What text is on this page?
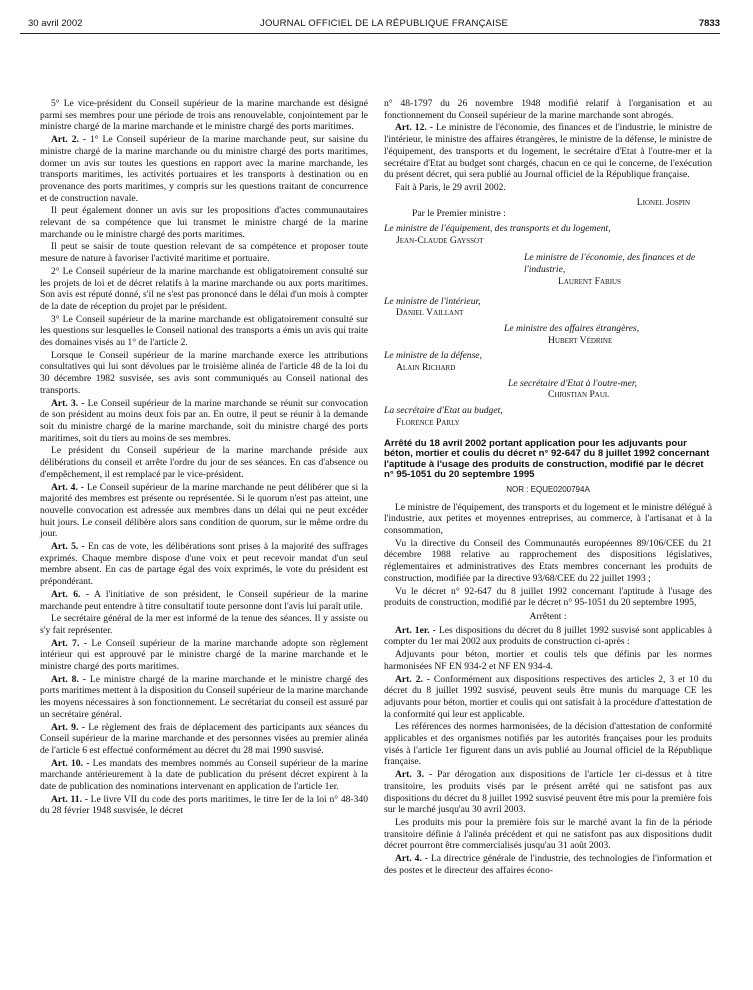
30 avril 2002	JOURNAL OFFICIEL DE LA RÉPUBLIQUE FRANÇAISE	7833

5° Le vice-président du Conseil supérieur de la marine marchande est désigné parmi ses membres pour une période de trois ans renouvelable, conjointement par le ministre chargé de la marine marchande et le ministre chargé des ports maritimes.

Art. 2. - 1° Le Conseil supérieur de la marine marchande peut, sur saisine du ministre chargé de la marine marchande ou du ministre chargé des ports maritimes, donner un avis sur toutes les questions en rapport avec la marine marchande, les transports maritimes, les activités portuaires et les transports à destination ou en provenance des ports maritimes, y compris sur les questions traitant de concurrence et de construction navale.

Il peut également donner un avis sur les propositions d'actes communautaires relevant de sa compétence que lui transmet le ministre chargé de la marine marchande ou le ministre chargé des ports maritimes.

Il peut se saisir de toute question relevant de sa compétence et proposer toute mesure de nature à favoriser l'activité maritime et portuaire.

2° Le Conseil supérieur de la marine marchande est obligatoirement consulté sur les projets de loi et de décret relatifs à la marine marchande ou aux ports maritimes. Son avis est réputé donné, s'il ne s'est pas prononcé dans le délai d'un mois à compter de la date de réception du projet par le président.

3° Le Conseil supérieur de la marine marchande est obligatoirement consulté sur les questions sur lesquelles le Conseil national des transports a émis un avis qui traite des domaines visés au 1° de l'article 2.

Lorsque le Conseil supérieur de la marine marchande exerce les attributions consultatives qui lui sont dévolues par le troisième alinéa de l'article 48 de la loi du 30 décembre 1982 susvisée, ses avis sont communiqués au Conseil national des transports.

Art. 3. - Le Conseil supérieur de la marine marchande se réunit sur convocation de son président au moins deux fois par an. En outre, il peut se réunir à la demande soit du ministre chargé de la marine marchande, soit du ministre chargé des ports maritimes, soit du tiers au moins de ses membres.

Le président du Conseil supérieur de la marine marchande préside aux délibérations du conseil et arrête l'ordre du jour de ses séances. En cas d'absence ou d'empêchement, il est remplacé par le vice-président.

Art. 4. - Le Conseil supérieur de la marine marchande ne peut délibérer que si la majorité des membres est présente ou représentée. Si le quorum n'est pas atteint, une nouvelle convocation est adressée aux membres dans un délai qui ne peut excéder huit jours. Le conseil délibère alors sans condition de quorum, sur le même ordre du jour.

Art. 5. - En cas de vote, les délibérations sont prises à la majorité des suffrages exprimés. Chaque membre dispose d'une voix et peut recevoir mandat d'un seul membre absent. En cas de partage égal des voix exprimés, le vote du président est prépondérant.

Art. 6. - A l'initiative de son président, le Conseil supérieur de la marine marchande peut entendre à titre consultatif toute personne dont l'avis lui paraît utile.

Le secrétaire général de la mer est informé de la tenue des séances. Il y assiste ou s'y fait représenter.

Art. 7. - Le Conseil supérieur de la marine marchande adopte son règlement intérieur qui est approuvé par le ministre chargé de la marine marchande et le ministre chargé des ports maritimes.

Art. 8. - Le ministre chargé de la marine marchande et le ministre chargé des ports maritimes mettent à la disposition du Conseil supérieur de la marine marchande les moyens nécessaires à son fonctionnement. Le secrétariat du conseil est assuré par un secrétaire général.

Art. 9. - Le règlement des frais de déplacement des participants aux séances du Conseil supérieur de la marine marchande et des personnes visées au premier alinéa de l'article 6 est effectué conformément au décret du 28 mai 1990 susvisé.

Art. 10. - Les mandats des membres nommés au Conseil supérieur de la marine marchande antérieurement à la date de publication du présent décret expirent à la date de publication des nominations intervenant en application de l'article 1er.

Art. 11. - Le livre VII du code des ports maritimes, le titre Ier de la loi n° 48-340 du 28 février 1948 susvisée, le décret

n° 48-1797 du 26 novembre 1948 modifié relatif à l'organisation et au fonctionnement du Conseil supérieur de la marine marchande sont abrogés.

Art. 12. - Le ministre de l'économie, des finances et de l'industrie, le ministre de l'intérieur, le ministre des affaires étrangères, le ministre de la défense, le ministre de l'équipement, des transports et du logement, le secrétaire d'Etat à l'outre-mer et la secrétaire d'Etat au budget sont chargés, chacun en ce qui le concerne, de l'exécution du présent décret, qui sera publié au Journal officiel de la République française.

Fait à Paris, le 29 avril 2002.

Lionel Jospin
Par le Premier ministre :
Le ministre de l'équipement, des transports et du logement,
Jean-Claude Gayssot
Le ministre de l'économie, des finances et de l'industrie,
Laurent Fabius
Le ministre de l'intérieur,
Daniel Vaillant
Le ministre des affaires étrangères,
Hubert Védrine
Le ministre de la défense,
Alain Richard
Le secrétaire d'Etat à l'outre-mer,
Christian Paul
La secrétaire d'Etat au budget,
Florence Parly
Arrêté du 18 avril 2002 portant application pour les adjuvants pour béton, mortier et coulis du décret n° 92-647 du 8 juillet 1992 concernant l'aptitude à l'usage des produits de construction, modifié par le décret n° 95-1051 du 20 septembre 1995
NOR : EQUE0200794A

Le ministre de l'équipement, des transports et du logement et le ministre délégué à l'industrie, aux petites et moyennes entreprises, au commerce, à l'artisanat et à la consommation,

Vu la directive du Conseil des Communautés européennes 89/106/CEE du 21 décembre 1988 relative au rapprochement des dispositions législatives, réglementaires et administratives des Etats membres concernant les produits de construction, modifiée par la directive 93/68/CEE du 22 juillet 1993 ;

Vu le décret n° 92-647 du 8 juillet 1992 concernant l'aptitude à l'usage des produits de construction, modifié par le décret n° 95-1051 du 20 septembre 1995,

Arrêtent :

Art. 1er. - Les dispositions du décret du 8 juillet 1992 susvisé sont applicables à compter du 1er mai 2002 aux produits de construction ci-après :

Adjuvants pour béton, mortier et coulis tels que définis par les normes harmonisées NF EN 934-2 et NF EN 934-4.

Art. 2. - Conformément aux dispositions respectives des articles 2, 3 et 10 du décret du 8 juillet 1992 susvisé, peuvent seuls être munis du marquage CE les adjuvants pour béton, mortier et coulis qui ont satisfait à la procédure d'attestation de la conformité qui leur est applicable.

Les références des normes harmonisées, de la décision d'attestation de conformité applicables et des organismes notifiés par les autorités françaises pour les produits visés à l'article 1er figurent dans un avis publié au Journal officiel de la République française.

Art. 3. - Par dérogation aux dispositions de l'article 1er ci-dessus et à titre transitoire, les produits visés par le présent arrêté qui ne satisfont pas aux dispositions du décret du 8 juillet 1992 susvisé peuvent être mis pour la première fois sur le marché jusqu'au 30 avril 2003.

Les produits mis pour la première fois sur le marché avant la fin de la période transitoire définie à l'alinéa précédent et qui ne satisfont pas aux dispositions dudit décret pourront être commercialisés jusqu'au 31 août 2003.

Art. 4. - La directrice générale de l'industrie, des technologies de l'information et des postes et le directeur des affaires écono-
